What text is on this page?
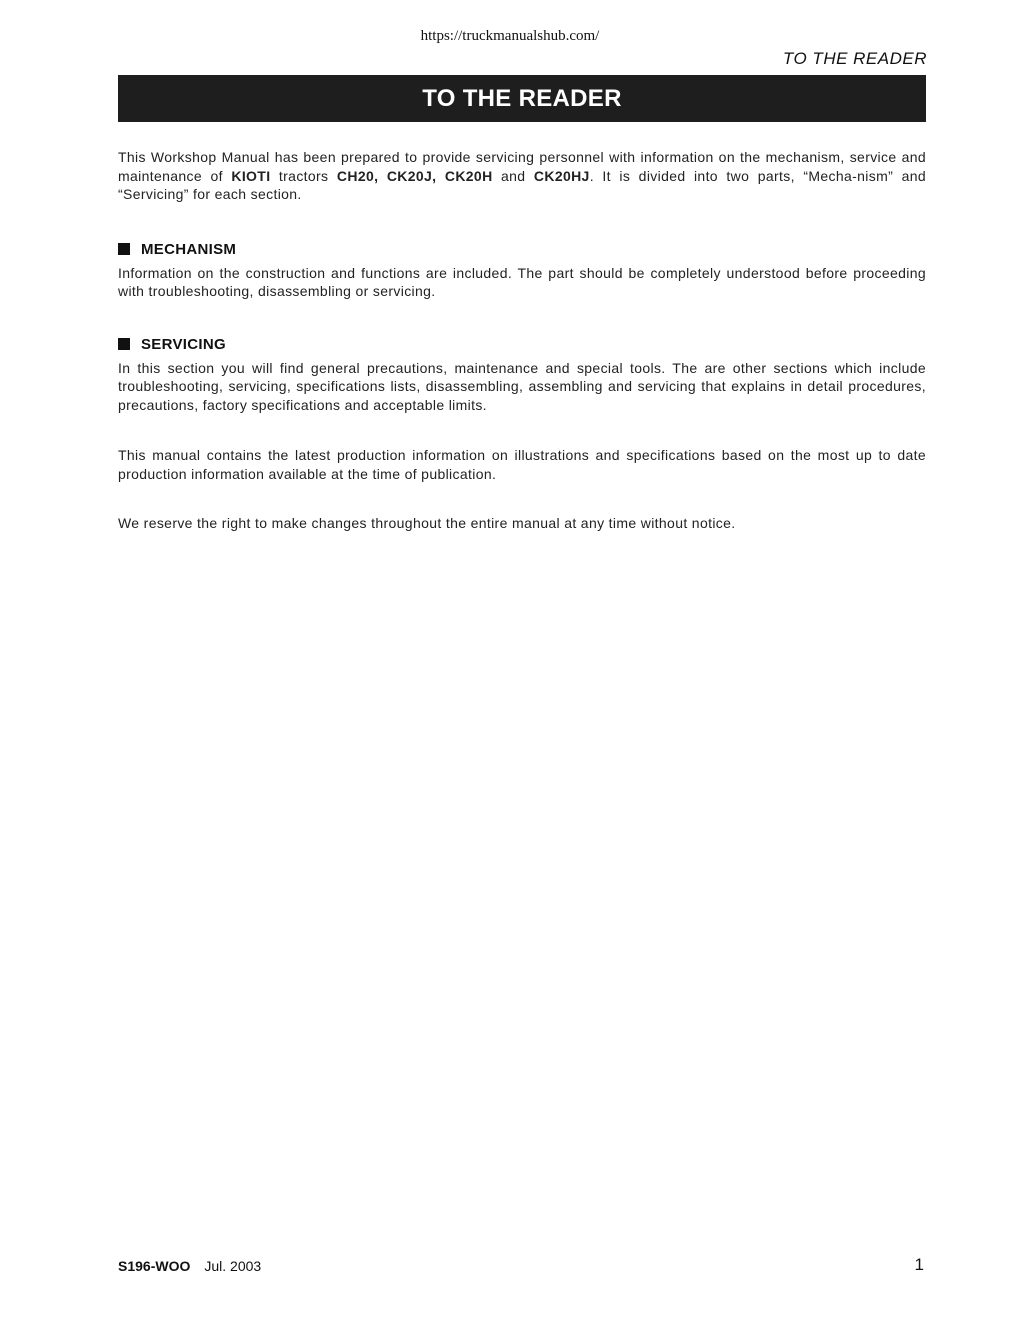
https://truckmanualshub.com/
TO THE READER
TO THE READER

This Workshop Manual has been prepared to provide servicing personnel with information on the mechanism, service and maintenance of KIOTI tractors CH20, CK20J, CK20H and CK20HJ. It is divided into two parts, “Mecha-nism” and “Servicing” for each section.

MECHANISM

Information on the construction and functions are included. The part should be completely understood before proceeding with troubleshooting, disassembling or servicing.

SERVICING

In this section you will find general precautions, maintenance and special tools. The are other sections which include troubleshooting, servicing, specifications lists, disassembling, assembling and servicing that explains in detail procedures, precautions, factory specifications and acceptable limits.

This manual contains the latest production information on illustrations and specifications based on the most up to date production information available at the time of publication.

We reserve the right to make changes throughout the entire manual at any time without notice.

S196-WOO Jul. 2003	1
